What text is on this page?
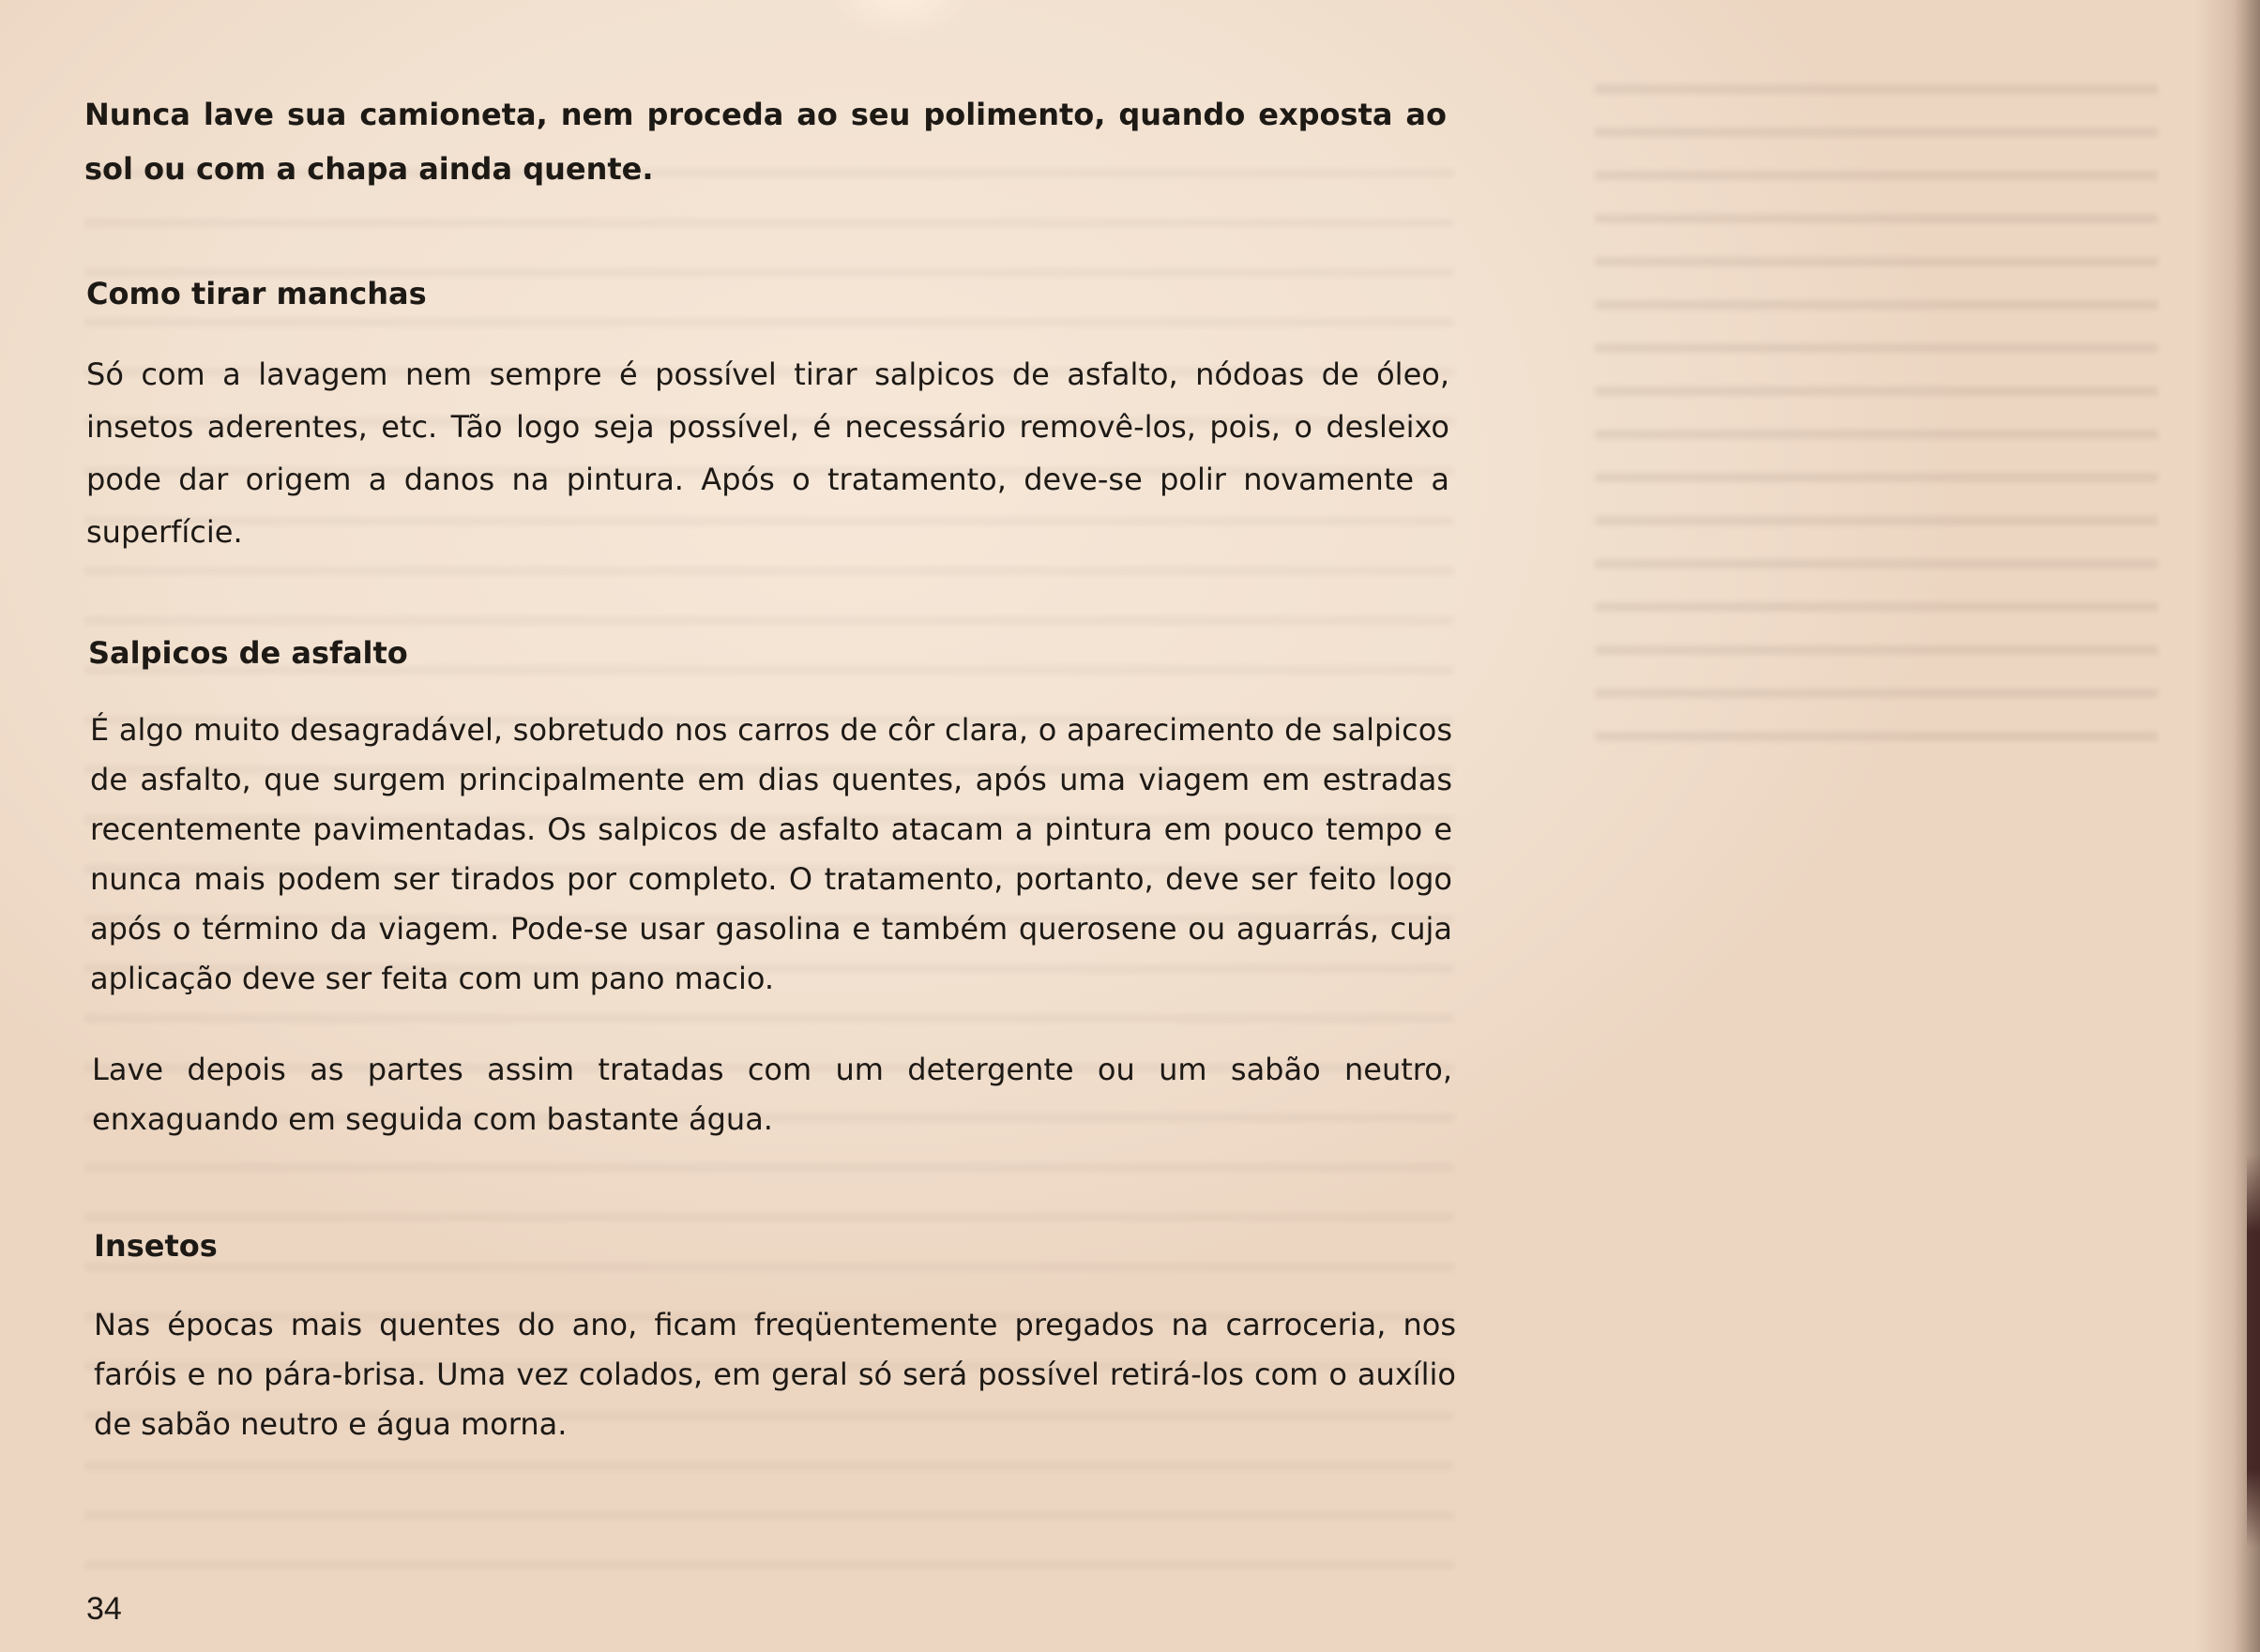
Nunca lave sua camioneta, nem proceda ao seu polimento, quando exposta ao sol ou com a chapa ainda quente.

Como tirar manchas

Só com a lavagem nem sempre é possível tirar salpicos de asfalto, nódoas de óleo, insetos aderentes, etc. Tão logo seja possível, é necessário removê-los, pois, o desleixo pode dar origem a danos na pintura. Após o tratamento, deve-se polir novamente a superfície.

Salpicos de asfalto

É algo muito desagradável, sobretudo nos carros de côr clara, o aparecimento de salpicos de asfalto, que surgem principalmente em dias quentes, após uma viagem em estradas recentemente pavimentadas. Os salpicos de asfalto atacam a pintura em pouco tempo e nunca mais podem ser tirados por completo. O tratamento, portanto, deve ser feito logo após o término da viagem. Pode-se usar gasolina e também querosene ou aguarrás, cuja aplicação deve ser feita com um pano macio.

Lave depois as partes assim tratadas com um detergente ou um sabão neutro, enxaguando em seguida com bastante água.

Insetos

Nas épocas mais quentes do ano, ficam freqüentemente pregados na carroceria, nos faróis e no pára-brisa. Uma vez colados, em geral só será possível retirá-los com o auxílio de sabão neutro e água morna.

34
